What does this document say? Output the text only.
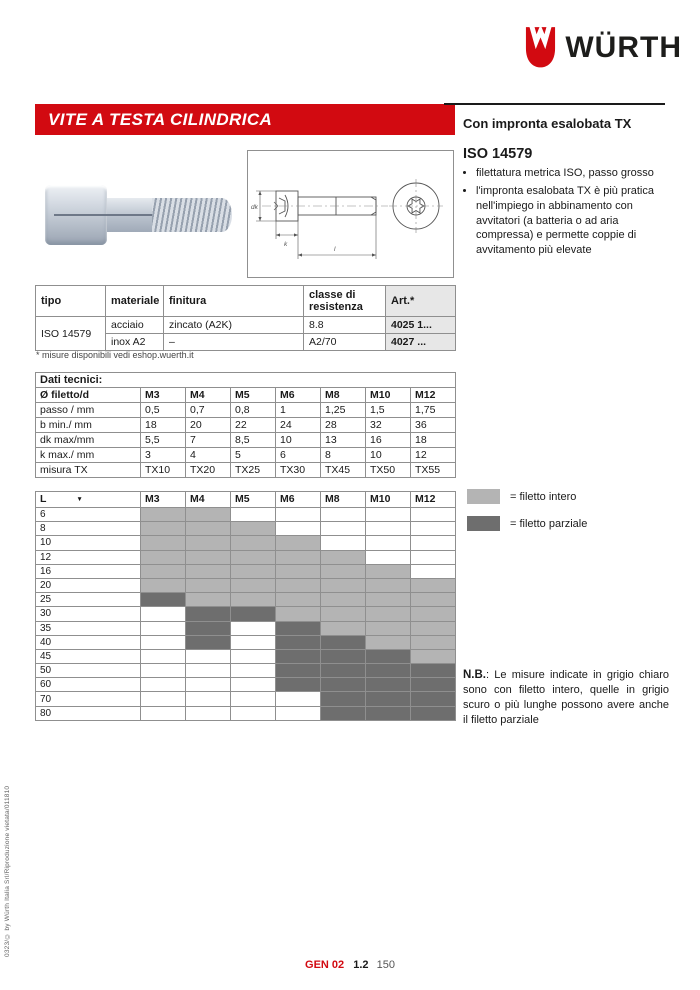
WÜRTH
VITE A TESTA CILINDRICA	Con impronta esalobata TX
dk
k
l
ISO 14579
• filettatura metrica ISO, passo grosso
• l'impronta esalobata TX è più pratica nell'impiego in abbinamento con avvitatori (a batteria o ad aria compressa) e permette coppie di avvitamento più elevate
tipo	materiale	finitura	classe di resistenza	Art.*
ISO 14579	acciaio	zincato (A2K)	8.8	4025 1...
	inox A2	–	A2/70	4027 ...
* misure disponibili vedi eshop.wuerth.it
Dati tecnici:							
Ø filetto/d	M3	M4	M5	M6	M8	M10	M12
passo / mm	0,5	0,7	0,8	1	1,25	1,5	1,75
b min./ mm	18	20	22	24	28	32	36
dk max/mm	5,5	7	8,5	10	13	16	18
k max./ mm	3	4	5	6	8	10	12
misura TX	TX10	TX20	TX25	TX30	TX45	TX50	TX55
L ▼	M3	M4	M5	M6	M8	M10	M12
6							
8							
10							
12							
16							
20							
25							
30							
35							
40							
45							
50							
60							
70							
80							
= filetto intero
= filetto parziale
N.B.: Le misure indicate in grigio chiaro sono con filetto intero, quelle in grigio scuro o più lunghe possono avere anche il filetto parziale
GEN 02 1.2 150
0323/© by Würth Italia Srl/Riproduzione vietata/011810
